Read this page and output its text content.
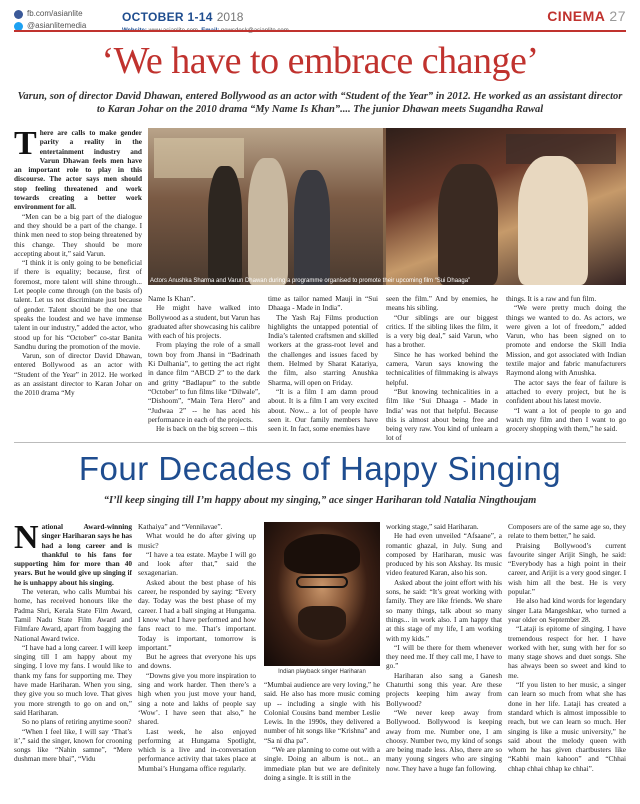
fb.com/asianlite
@asianlitemedia
OCTOBER 1-14 2018
	CINEMA 27
‘We have to embrace change’
Varun, son of director David Dhawan, entered Bollywood as an actor with “Student of the Year” in 2012. He worked as an assistant director to Karan Johar on the 2010 drama “My Name Is Khan”.... The junior Dhawan meets Sugandha Rawal

There are calls to make gender parity a reality in the entertainment industry and Varun Dhawan feels men have an important role to play in this discourse. The actor says men should stop feeling threatened and work towards creating a better work environment for all.

“Men can be a big part of the dialogue and they should be a part of the change. I think men need to stop being threatened by this change. They should be more accepting about it,” said Varun.

“I think it is only going to be beneficial if there is equality; because, first of foremost, more talent will shine through... Let people come through (on the basis of) talent. Let us not discriminate just because of gender. Talent should be the one that speaks the loudest and we have immense talent in our industry,” added the actor, who stood up for his “October” co-star Banita Sandhu during the promotion of the movie.

Varun, son of director David Dhawan, entered Bollywood as an actor with “Student of the Year” in 2012. He worked as an assistant director to Karan Johar on the 2010 drama “My

Actors Anushka Sharma and Varun Dhawan during a programme organised to promote their upcoming film “Sui Dhaaga”

Name Is Khan”.

He might have walked into Bollywood as a student, but Varun has graduated after showcasing his calibre with each of his projects.

From playing the role of a small town boy from Jhansi in “Badrinath Ki Dulhania”, to getting the act right in dance film “ABCD 2” to the dark and gritty “Badlapur” to the subtle “October” to fun films like “Dilwale”, “Dishoom”, “Main Tera Hero” and “Judwaa 2” -- he has aced his performance in each of the projects.

He is back on the big screen -- this

time as tailor named Mauji in “Sui Dhaaga - Made in India”.

The Yash Raj Films production highlights the untapped potential of India’s talented craftsmen and skilled workers at the grass-root level and the challenges and issues faced by them. Helmed by Sharat Katariya, the film, also starring Anushka Sharma, will open on Friday.

“It is a film I am damn proud about. It is a film I am very excited about. Now... a lot of people have seen it. Our family members have seen it. In fact, some enemies have

seen the film.” And by enemies, he means his sibling.

“Our siblings are our biggest critics. If the sibling likes the film, it is a very big deal,” said Varun, who has a brother.

Since he has worked behind the camera, Varun says knowing the technicalities of filmmaking is always helpful.

“But knowing technicalities in a film like ‘Sui Dhaaga - Made in India’ was not that helpful. Because this is almost about being free and being very raw. You kind of unlearn a lot of

things. It is a raw and fun film.

“We were pretty much doing the things we wanted to do. As actors, we were given a lot of freedom,” added Varun, who has been signed on to promote and endorse the Skill India Mission, and got associated with Indian textile major and fabric manufacturers Raymond along with Anushka.

The actor says the fear of failure is attached to every project, but he is confident about his latest movie.

“I want a lot of people to go and watch my film and then I want to go grocery shopping with them,” he said.

Four Decades of Happy Singing
“I’ll keep singing till I’m happy about my singing,” ace singer Hariharan told Natalia Ningthoujam

National Award-winning singer Hariharan says he has had a long career and is thankful to his fans for supporting him for more than 40 years. But he would give up singing if he is unhappy about his singing.

The veteran, who calls Mumbai his home, has received honours like the Padma Shri, Kerala State Film Award, Tamil Nadu State Film Award and Filmfare Award, apart from bagging the National Award twice.

“I have had a long career. I will keep singing till I am happy about my singing. I love my fans. I would like to thank my fans for supporting me. They have made Hariharan. When you sing, they give you so much love. That gives you more strength to go on and on,” said Hariharan.

So no plans of retiring anytime soon?

“When I feel like, I will say ‘That’s it’,” said the singer, known for crooning songs like “Nahin samne”, “Mere dushman mere bhai”, “Vidu

Kathaiya” and “Vennilavae”.

What would he do after giving up music?

“I have a tea estate. Maybe I will go and look after that,” said the sexagenarian.

Asked about the best phase of his career, he responded by saying: “Every day. Today was the best phase of my career. I had a ball singing at Hungama. I know what I have performed and how fans react to me. That’s important. Today is important, tomorrow is important.”

But he agrees that everyone his ups and downs.

“Downs give you more inspiration to sing and work harder. Then there’s a high when you just move your hand, sing a note and lakhs of people say ‘Wow’. I have seen that also,” he shared.

Last week, he also enjoyed performing at Hungama Spotlight, which is a live and in-conversation performance activity that takes place at Mumbai’s Hungama office regularly.

Indian playback singer Hariharan

“Mumbai audience are very loving,” he said. He also has more music coming up -- including a single with his Colonial Cousins band member Leslie Lewis. In the 1990s, they delivered a number of hit songs like “Krishna” and “Sa ni dha pa”.

“We are planning to come out with a single. Doing an album is not... an immediate plan but we are definitely doing a single. It is still in the

working stage,” said Hariharan.

He had even unveiled “Afsaane”, a romantic ghazal, in July. Sung and composed by Hariharan, music was produced by his son Akshay. Its music video featured Karan, also his son.

Asked about the joint effort with his sons, he said: “It’s great working with family. They are like friends. We share so many things, talk about so many things... in work also. I am happy that at this stage of my life, I am working with my kids.”

“I will be there for them whenever they need me. If they call me, I have to go.”

Hariharan also sang a Ganesh Chaturthi song this year. Are these projects keeping him away from Bollywood?

“We never keep away from Bollywood. Bollywood is keeping away from me. Number one, I am choosy. Number two, my kind of songs are being made less. Also, there are so many young singers who are singing now. They have a huge fan following.

Composers are of the same age so, they relate to them better,” he said.

Praising Bollywood’s current favourite singer Arijit Singh, he said: “Everybody has a high point in their career, and Arijit is a very good singer. I wish him all the best. He is very popular.”

He also had kind words for legendary singer Lata Mangeshkar, who turned a year older on September 28.

“Lataji is epitome of singing. I have tremendous respect for her. I have worked with her, sung with her for so many stage shows and duet songs. She has always been so sweet and kind to me.

“If you listen to her music, a singer can learn so much from what she has done in her life. Lataji has created a standard which is almost impossible to reach, but we can learn so much. Her singing is like a music university,” he said about the melody queen with whom he has given chartbusters like “Kabhi main kahoon” and “Chhai chhap chhai chhap ke chhai”.
